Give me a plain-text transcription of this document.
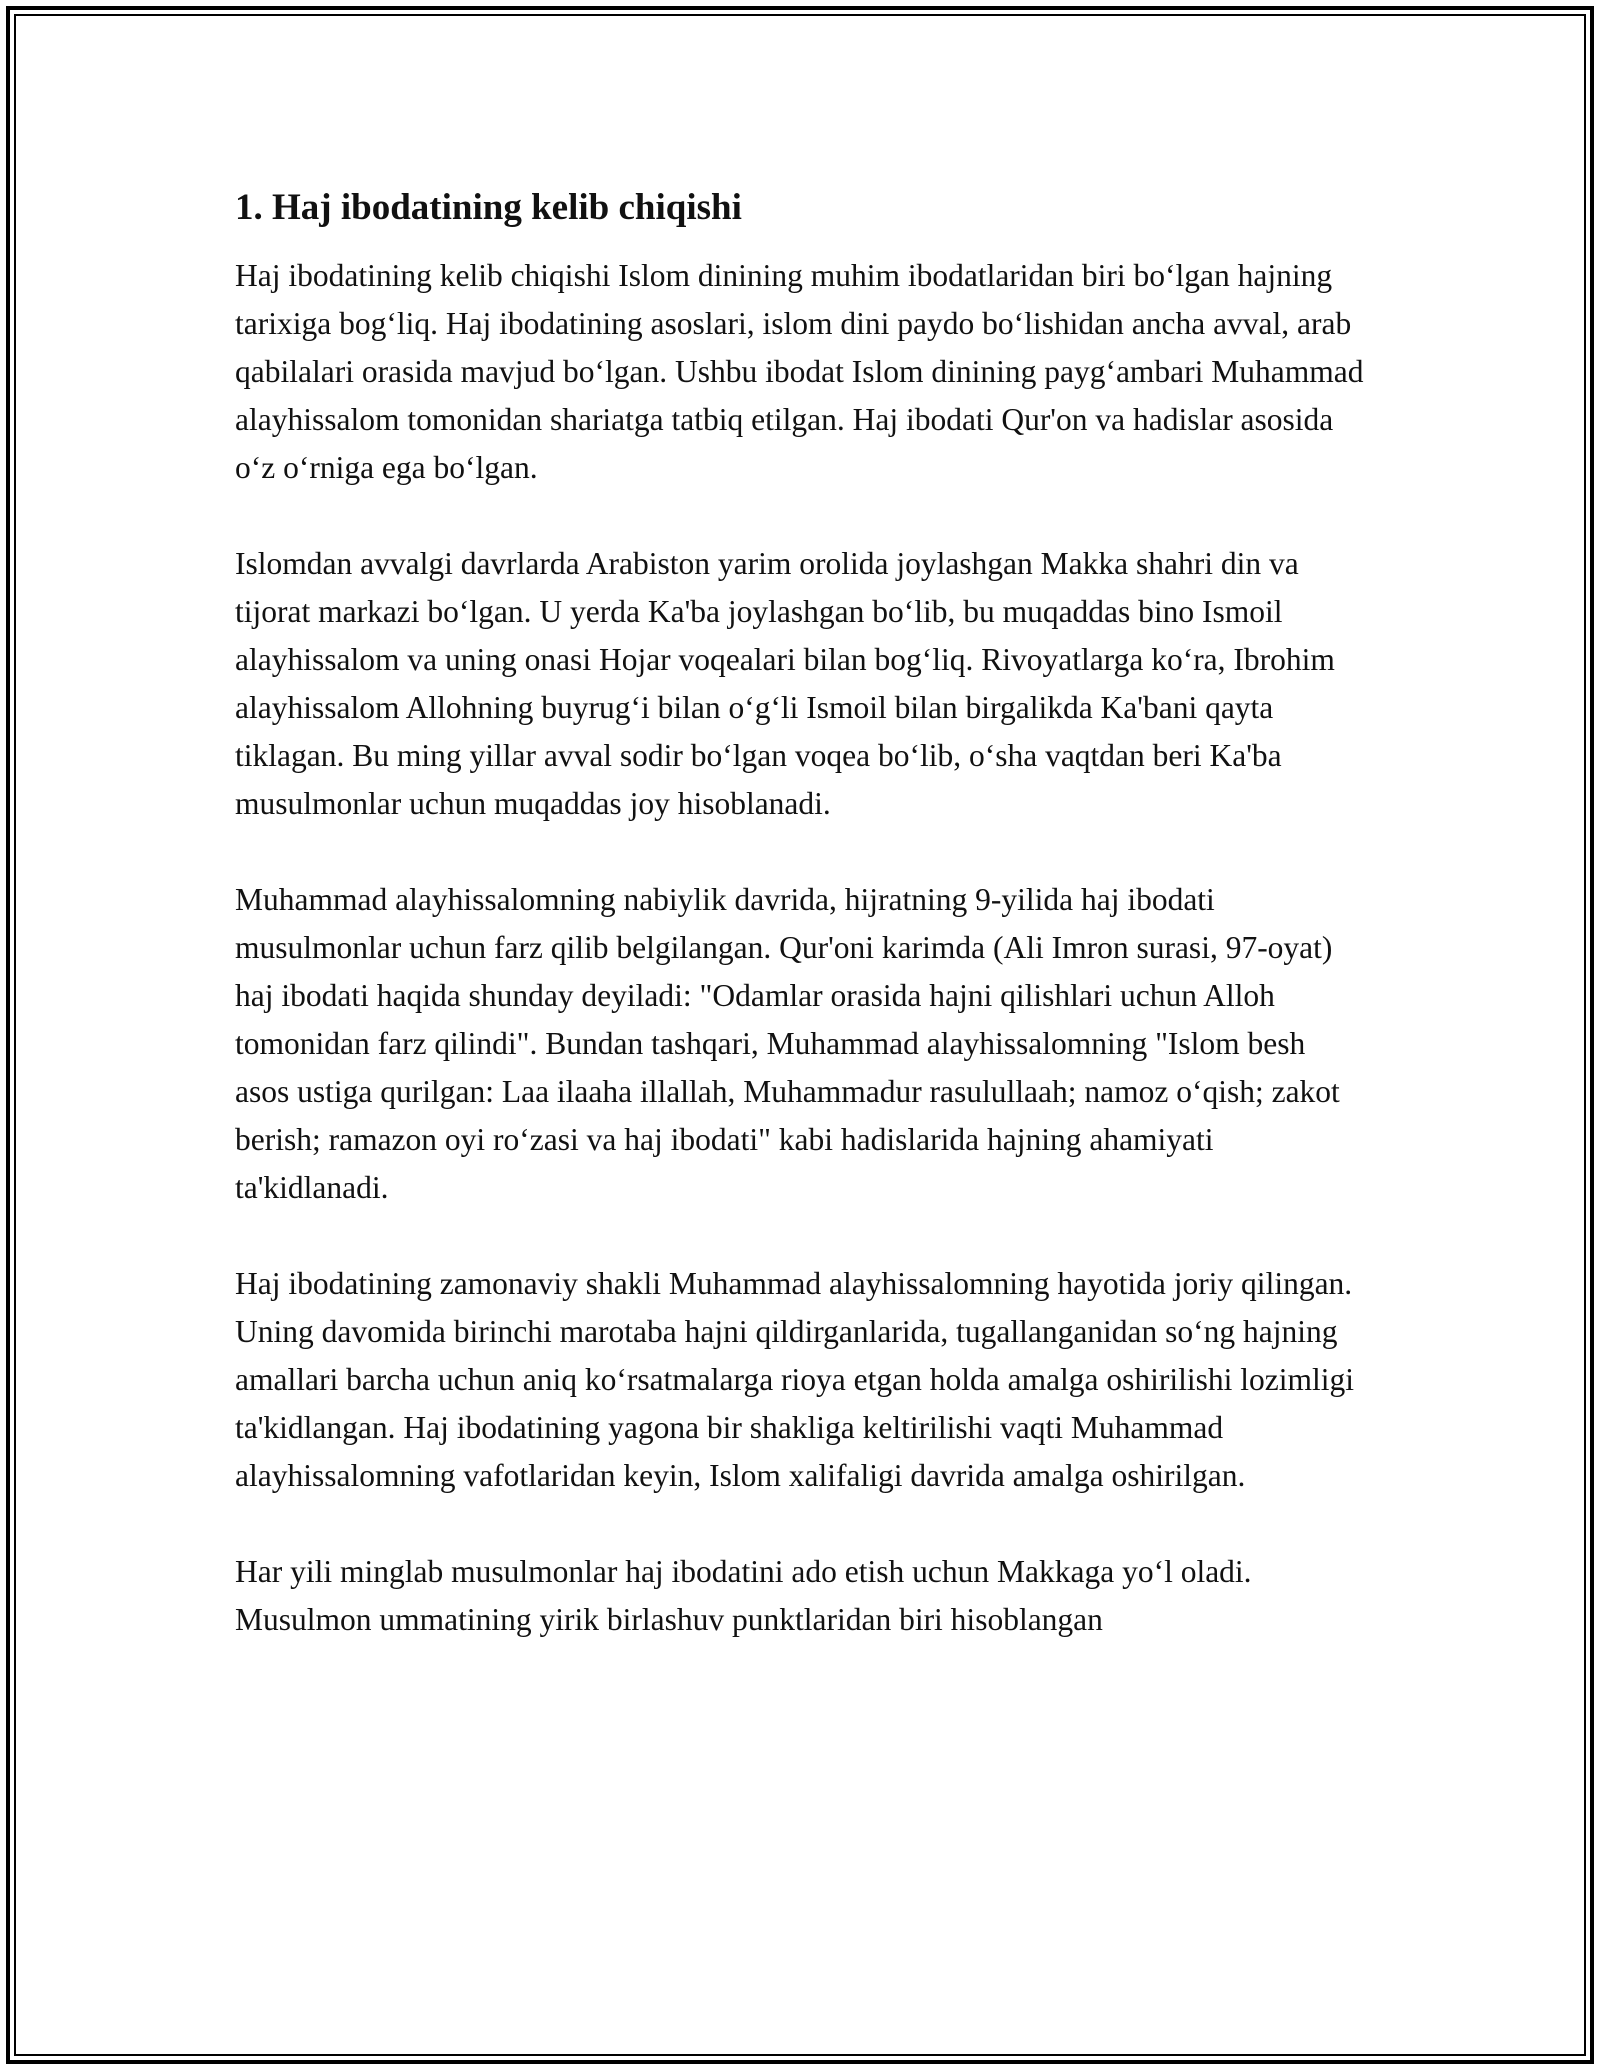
1. Haj ibodatining kelib chiqishi

Haj ibodatining kelib chiqishi Islom dinining muhim ibodatlaridan biri bo‘lgan hajning tarixiga bog‘liq. Haj ibodatining asoslari, islom dini paydo bo‘lishidan ancha avval, arab qabilalari orasida mavjud bo‘lgan. Ushbu ibodat Islom dinining payg‘ambari Muhammad alayhissalom tomonidan shariatga tatbiq etilgan. Haj ibodati Qur'on va hadislar asosida o‘z o‘rniga ega bo‘lgan.

Islomdan avvalgi davrlarda Arabiston yarim orolida joylashgan Makka shahri din va tijorat markazi bo‘lgan. U yerda Ka'ba joylashgan bo‘lib, bu muqaddas bino Ismoil alayhissalom va uning onasi Hojar voqealari bilan bog‘liq. Rivoyatlarga ko‘ra, Ibrohim alayhissalom Allohning buyrug‘i bilan o‘g‘li Ismoil bilan birgalikda Ka'bani qayta tiklagan. Bu ming yillar avval sodir bo‘lgan voqea bo‘lib, o‘sha vaqtdan beri Ka'ba musulmonlar uchun muqaddas joy hisoblanadi.

Muhammad alayhissalomning nabiylik davrida, hijratning 9-yilida haj ibodati musulmonlar uchun farz qilib belgilangan. Qur'oni karimda (Ali Imron surasi, 97-oyat) haj ibodati haqida shunday deyiladi: "Odamlar orasida hajni qilishlari uchun Alloh tomonidan farz qilindi". Bundan tashqari, Muhammad alayhissalomning "Islom besh asos ustiga qurilgan: Laa ilaaha illallah, Muhammadur rasulullaah; namoz o‘qish; zakot berish; ramazon oyi ro‘zasi va haj ibodati" kabi hadislarida hajning ahamiyati ta'kidlanadi.

Haj ibodatining zamonaviy shakli Muhammad alayhissalomning hayotida joriy qilingan. Uning davomida birinchi marotaba hajni qildirganlarida, tugallanganidan so‘ng hajning amallari barcha uchun aniq ko‘rsatmalarga rioya etgan holda amalga oshirilishi lozimligi ta'kidlangan. Haj ibodatining yagona bir shakliga keltirilishi vaqti Muhammad alayhissalomning vafotlaridan keyin, Islom xalifaligi davrida amalga oshirilgan.

Har yili minglab musulmonlar haj ibodatini ado etish uchun Makkaga yo‘l oladi. Musulmon ummatining yirik birlashuv punktlaridan biri hisoblangan
